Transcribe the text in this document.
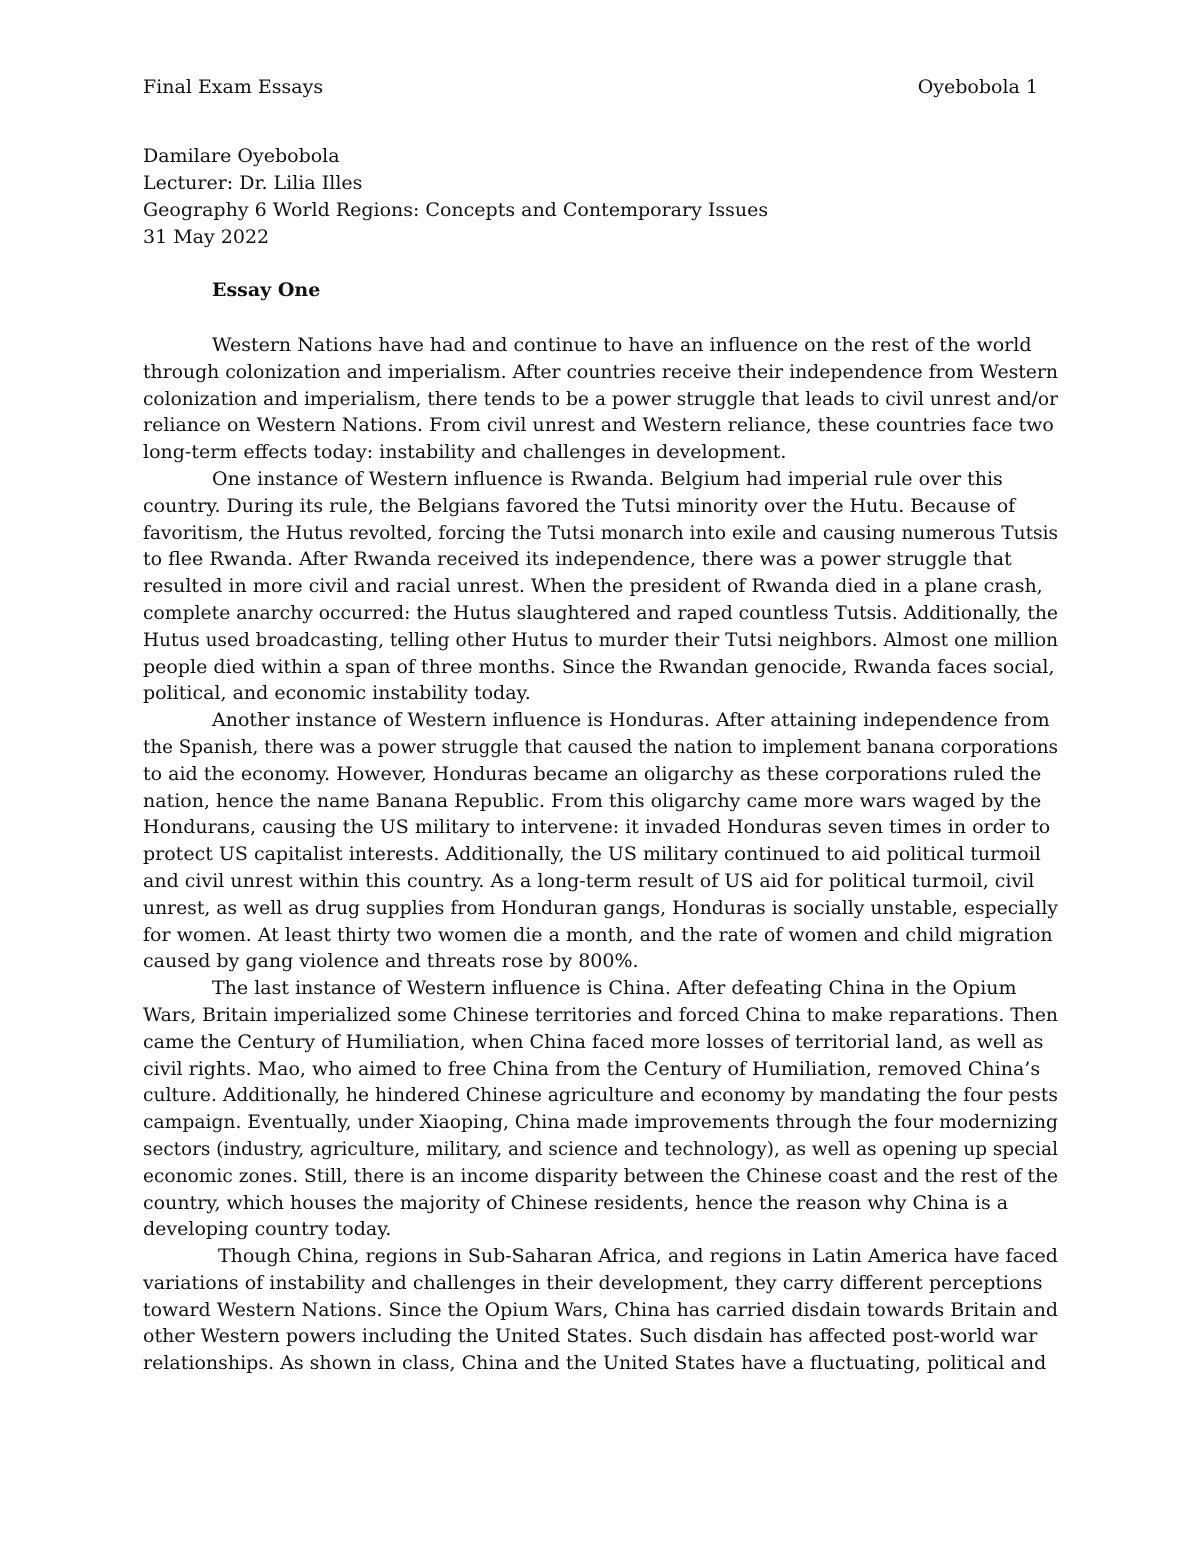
Final Exam Essays	Oyebobola 1
Damilare Oyebobola
Lecturer: Dr. Lilia Illes
Geography 6 World Regions: Concepts and Contemporary Issues
31 May 2022
Essay One

Western Nations have had and continue to have an influence on the rest of the world
through colonization and imperialism. After countries receive their independence from Western
colonization and imperialism, there tends to be a power struggle that leads to civil unrest and/or
reliance on Western Nations. From civil unrest and Western reliance, these countries face two
long-term effects today: instability and challenges in development.

One instance of Western influence is Rwanda. Belgium had imperial rule over this
country. During its rule, the Belgians favored the Tutsi minority over the Hutu. Because of
favoritism, the Hutus revolted, forcing the Tutsi monarch into exile and causing numerous Tutsis
to flee Rwanda. After Rwanda received its independence, there was a power struggle that
resulted in more civil and racial unrest. When the president of Rwanda died in a plane crash,
complete anarchy occurred: the Hutus slaughtered and raped countless Tutsis. Additionally, the
Hutus used broadcasting, telling other Hutus to murder their Tutsi neighbors. Almost one million
people died within a span of three months. Since the Rwandan genocide, Rwanda faces social,
political, and economic instability today.

Another instance of Western influence is Honduras. After attaining independence from
the Spanish, there was a power struggle that caused the nation to implement banana corporations
to aid the economy. However, Honduras became an oligarchy as these corporations ruled the
nation, hence the name Banana Republic. From this oligarchy came more wars waged by the
Hondurans, causing the US military to intervene: it invaded Honduras seven times in order to
protect US capitalist interests. Additionally, the US military continued to aid political turmoil
and civil unrest within this country. As a long-term result of US aid for political turmoil, civil
unrest, as well as drug supplies from Honduran gangs, Honduras is socially unstable, especially
for women. At least thirty two women die a month, and the rate of women and child migration
caused by gang violence and threats rose by 800%.

The last instance of Western influence is China. After defeating China in the Opium
Wars, Britain imperialized some Chinese territories and forced China to make reparations. Then
came the Century of Humiliation, when China faced more losses of territorial land, as well as
civil rights. Mao, who aimed to free China from the Century of Humiliation, removed China’s
culture. Additionally, he hindered Chinese agriculture and economy by mandating the four pests
campaign. Eventually, under Xiaoping, China made improvements through the four modernizing
sectors (industry, agriculture, military, and science and technology), as well as opening up special
economic zones. Still, there is an income disparity between the Chinese coast and the rest of the
country, which houses the majority of Chinese residents, hence the reason why China is a
developing country today.

Though China, regions in Sub-Saharan Africa, and regions in Latin America have faced
variations of instability and challenges in their development, they carry different perceptions
toward Western Nations. Since the Opium Wars, China has carried disdain towards Britain and
other Western powers including the United States. Such disdain has affected post-world war
relationships. As shown in class, China and the United States have a fluctuating, political and
